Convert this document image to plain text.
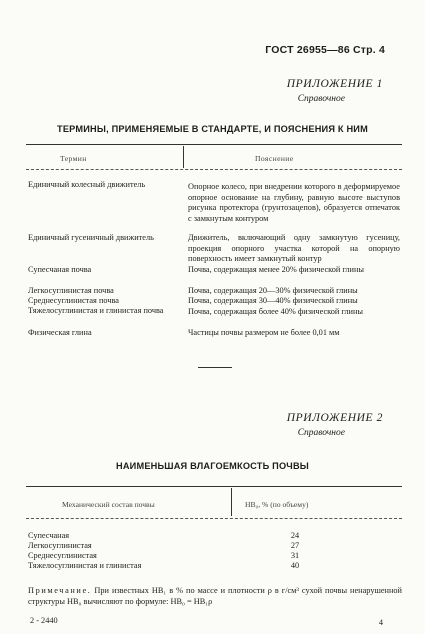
ГОСТ 26955—86 Стр. 4
ПРИЛОЖЕНИЕ 1
Справочное
ТЕРМИНЫ, ПРИМЕНЯЕМЫЕ В СТАНДАРТЕ, И ПОЯСНЕНИЯ К НИМ
Термин	Пояснение
Единичный колесный движитель	Опорное колесо, при внедрении которого в деформируемое опорное основание на глубину, равную высоте выступов рисунка протектора (грунтозацепов), образуется отпечаток с замкнутым контуром
Единичный гусеничный движитель	Движитель, включающий одну замкнутую гусеницу, проекция опорного участка которой на опорную поверхность имеет замкнутый контур
Супесчаная почва	Почва, содержащая менее 20% физической глины
Легкосуглинистая почва	Почва, содержащая 20—30% физической глины
Среднесуглинистая почва	Почва, содержащая 30—40% физической глины
Тяжелосуглинистая и глинистая почва	Почва, содержащая более 40% физической глины
Физическая глина	Частицы почвы размером не более 0,01 мм
ПРИЛОЖЕНИЕ 2
Справочное
НАИМЕНЬШАЯ ВЛАГОЕМКОСТЬ ПОЧВЫ
Механический состав почвы	НВ₀, % (по объему)
Супесчаная	24
Легкосуглинистая	27
Среднесуглинистая	31
Тяжелосуглинистая и глинистая	40
Примечание. При известных НВ₁ в % по массе и плотности ρ в г/см³ сухой почвы ненарушенной структуры НВ₀ вычисляют по формуле: НВ₀ = НВ₁ρ
2 - 2440	4
